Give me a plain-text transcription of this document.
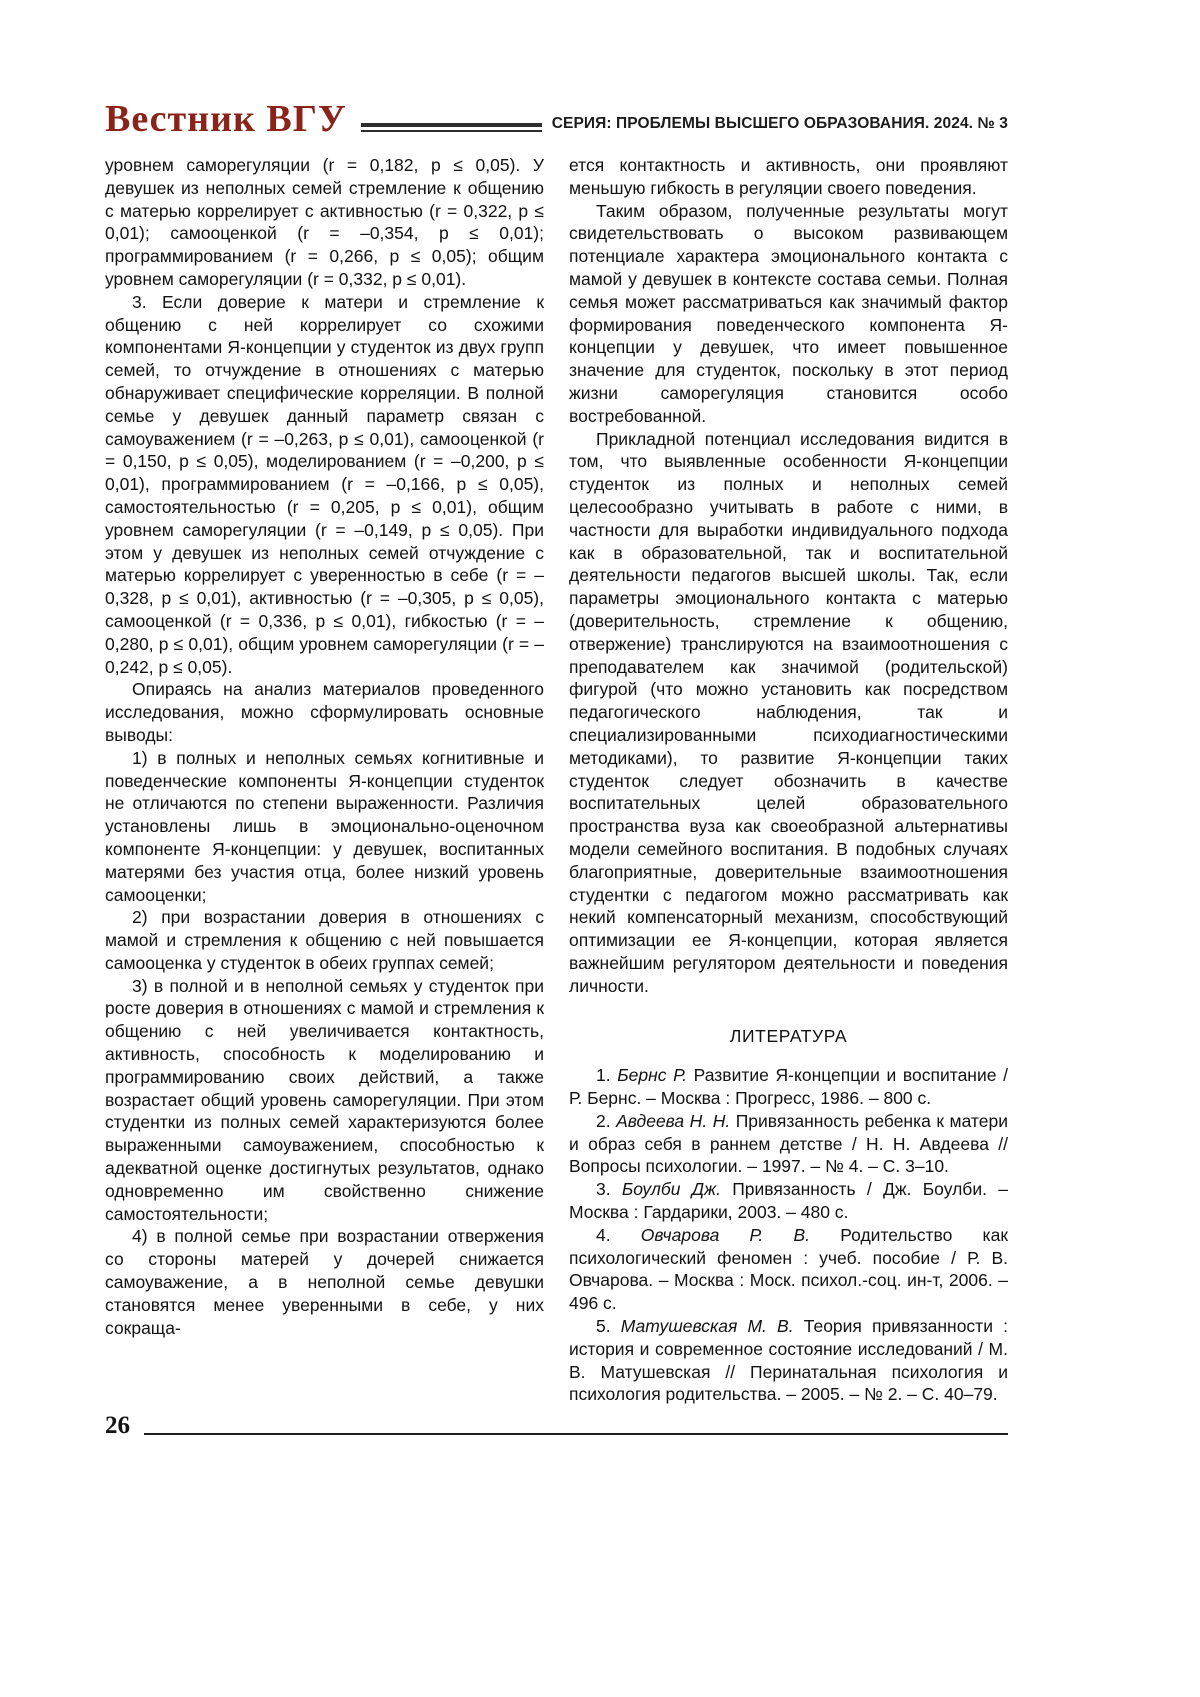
Вестник ВГУ	СЕРИЯ: ПРОБЛЕМЫ ВЫСШЕГО ОБРАЗОВАНИЯ. 2024. № 3

уровнем саморегуляции (r = 0,182, p ≤ 0,05). У девушек из неполных семей стремление к общению с матерью коррелирует с активностью (r = 0,322, p ≤ 0,01); самооценкой (r = –0,354, p ≤ 0,01); программированием (r = 0,266, p ≤ 0,05); общим уровнем саморегуляции (r = 0,332, p ≤ 0,01).

3. Если доверие к матери и стремление к общению с ней коррелирует со схожими компонентами Я-концепции у студенток из двух групп семей, то отчуждение в отношениях с матерью обнаруживает специфические корреляции. В полной семье у девушек данный параметр связан с самоуважением (r = –0,263, p ≤ 0,01), самооценкой (r = 0,150, p ≤ 0,05), моделированием (r = –0,200, p ≤ 0,01), программированием (r = –0,166, p ≤ 0,05), самостоятельностью (r = 0,205, p ≤ 0,01), общим уровнем саморегуляции (r = –0,149, p ≤ 0,05). При этом у девушек из неполных семей отчуждение с матерью коррелирует с уверенностью в себе (r = –0,328, p ≤ 0,01), активностью (r = –0,305, p ≤ 0,05), самооценкой (r = 0,336, p ≤ 0,01), гибкостью (r = –0,280, p ≤ 0,01), общим уровнем саморегуляции (r = –0,242, p ≤ 0,05).

Опираясь на анализ материалов проведенного исследования, можно сформулировать основные выводы:

1) в полных и неполных семьях когнитивные и поведенческие компоненты Я-концепции студенток не отличаются по степени выраженности. Различия установлены лишь в эмоционально-оценочном компоненте Я-концепции: у девушек, воспитанных матерями без участия отца, более низкий уровень самооценки;

2) при возрастании доверия в отношениях с мамой и стремления к общению с ней повышается самооценка у студенток в обеих группах семей;

3) в полной и в неполной семьях у студенток при росте доверия в отношениях с мамой и стремления к общению с ней увеличивается контактность, активность, способность к моделированию и программированию своих действий, а также возрастает общий уровень саморегуляции. При этом студентки из полных семей характеризуются более выраженными самоуважением, способностью к адекватной оценке достигнутых результатов, однако одновременно им свойственно снижение самостоятельности;

4) в полной семье при возрастании отвержения со стороны матерей у дочерей снижается самоуважение, а в неполной семье девушки становятся менее уверенными в себе, у них сокраща-

ется контактность и активность, они проявляют меньшую гибкость в регуляции своего поведения.

Таким образом, полученные результаты могут свидетельствовать о высоком развивающем потенциале характера эмоционального контакта с мамой у девушек в контексте состава семьи. Полная семья может рассматриваться как значимый фактор формирования поведенческого компонента Я-концепции у девушек, что имеет повышенное значение для студенток, поскольку в этот период жизни саморегуляция становится особо востребованной.

Прикладной потенциал исследования видится в том, что выявленные особенности Я-концепции студенток из полных и неполных семей целесообразно учитывать в работе с ними, в частности для выработки индивидуального подхода как в образовательной, так и воспитательной деятельности педагогов высшей школы. Так, если параметры эмоционального контакта с матерью (доверительность, стремление к общению, отвержение) транслируются на взаимоотношения с преподавателем как значимой (родительской) фигурой (что можно установить как посредством педагогического наблюдения, так и специализированными психодиагностическими методиками), то развитие Я-концепции таких студенток следует обозначить в качестве воспитательных целей образовательного пространства вуза как своеобразной альтернативы модели семейного воспитания. В подобных случаях благоприятные, доверительные взаимоотношения студентки с педагогом можно рассматривать как некий компенсаторный механизм, способствующий оптимизации ее Я-концепции, которая является важнейшим регулятором деятельности и поведения личности.

ЛИТЕРАТУРА

1. Бернс Р. Развитие Я-концепции и воспитание / Р. Бернс. – Москва : Прогресс, 1986. – 800 с.

2. Авдеева Н. Н. Привязанность ребенка к матери и образ себя в раннем детстве / Н. Н. Авдеева // Вопросы психологии. – 1997. – № 4. – С. 3–10.

3. Боулби Дж. Привязанность / Дж. Боулби. – Москва : Гардарики, 2003. – 480 с.

4. Овчарова Р. В. Родительство как психологический феномен : учеб. пособие / Р. В. Овчарова. – Москва : Моск. психол.-соц. ин-т, 2006. – 496 с.

5. Матушевская М. В. Теория привязанности : история и современное состояние исследований / М. В. Матушевская // Перинатальная психология и психология родительства. – 2005. – № 2. – С. 40–79.

26
